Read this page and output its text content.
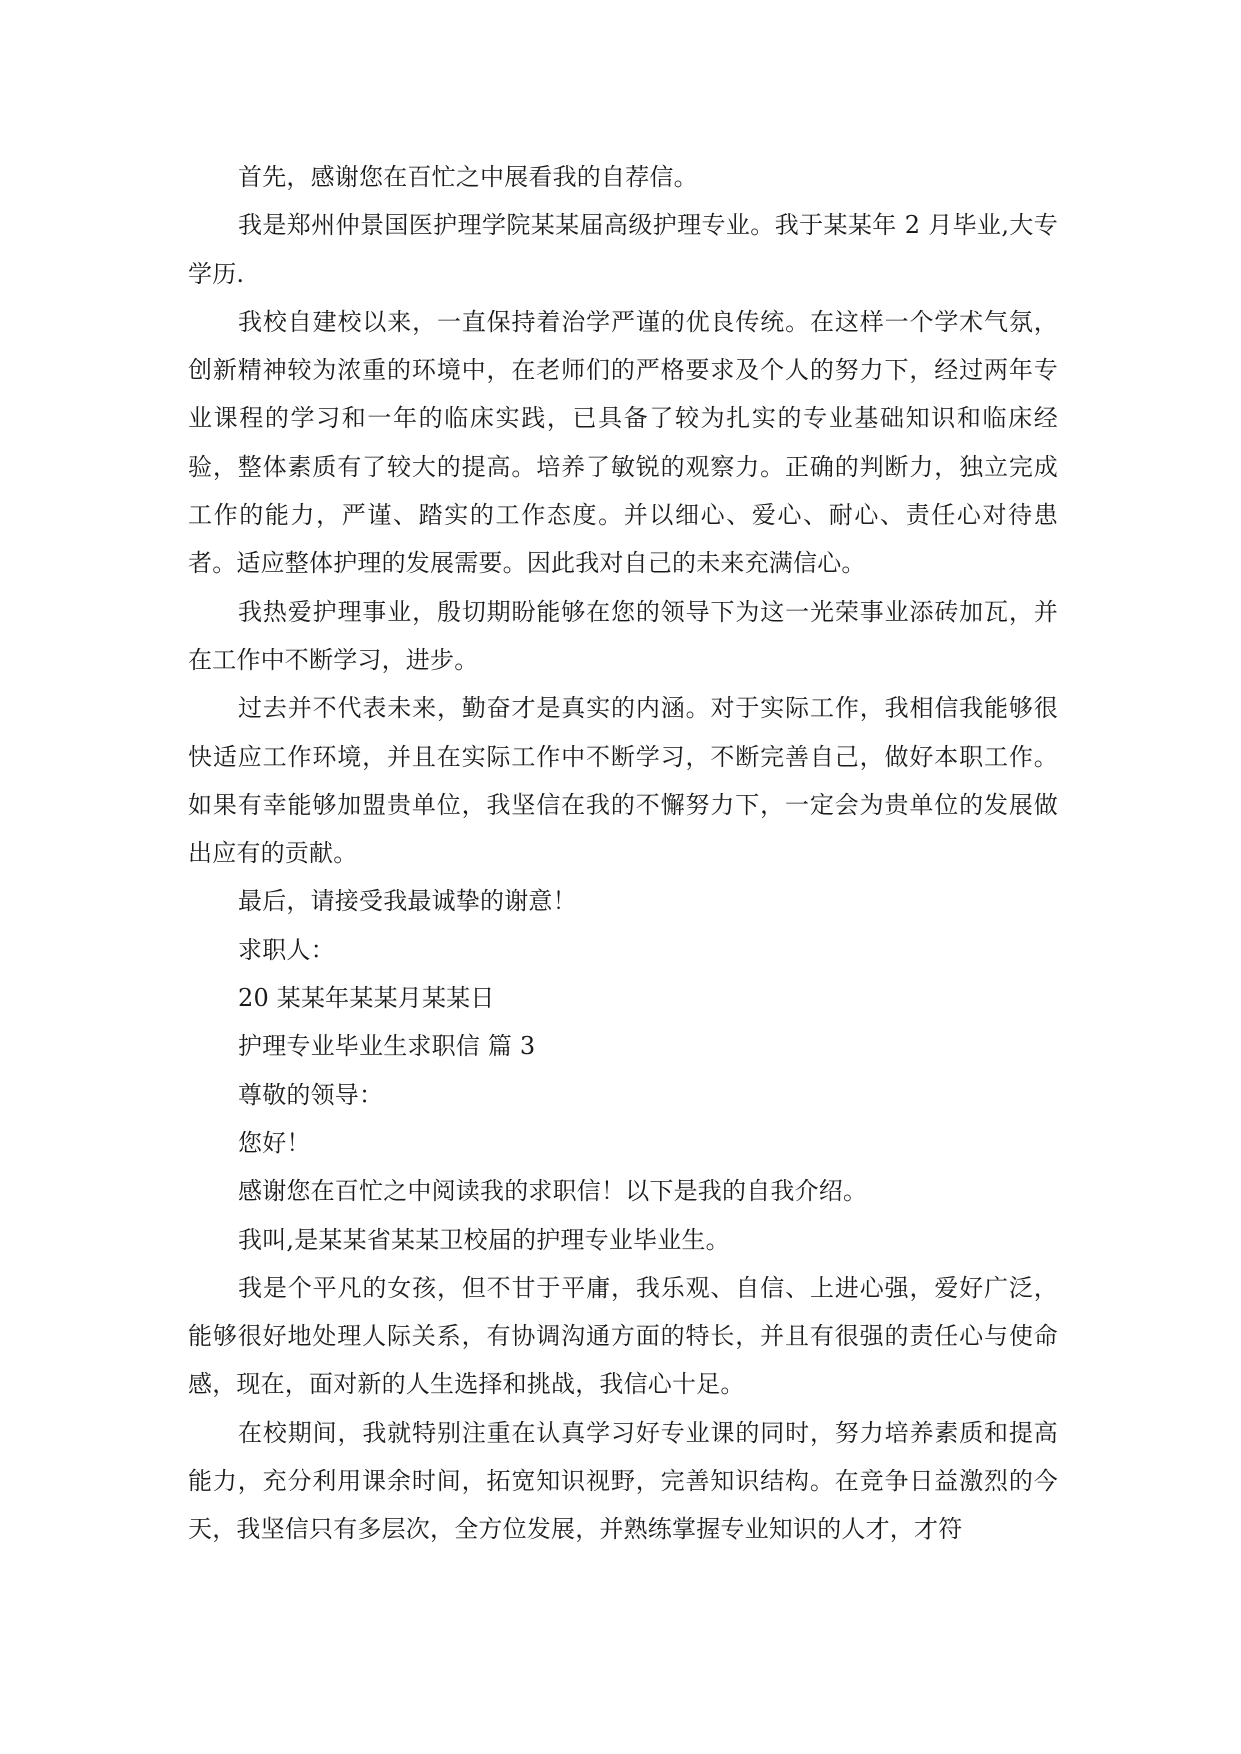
首先，感谢您在百忙之中展看我的自荐信。

我是郑州仲景国医护理学院某某届高级护理专业。我于某某年 2 月毕业,大专学历.

我校自建校以来，一直保持着治学严谨的优良传统。在这样一个学术气氛，创新精神较为浓重的环境中，在老师们的严格要求及个人的努力下，经过两年专业课程的学习和一年的临床实践，已具备了较为扎实的专业基础知识和临床经验，整体素质有了较大的提高。培养了敏锐的观察力。正确的判断力，独立完成工作的能力，严谨、踏实的工作态度。并以细心、爱心、耐心、责任心对待患者。适应整体护理的发展需要。因此我对自己的未来充满信心。

我热爱护理事业，殷切期盼能够在您的领导下为这一光荣事业添砖加瓦，并在工作中不断学习，进步。

过去并不代表未来，勤奋才是真实的内涵。对于实际工作，我相信我能够很快适应工作环境，并且在实际工作中不断学习，不断完善自己，做好本职工作。如果有幸能够加盟贵单位，我坚信在我的不懈努力下，一定会为贵单位的发展做出应有的贡献。

最后，请接受我最诚挚的谢意！

求职人：

20 某某年某某月某某日

护理专业毕业生求职信 篇 3

尊敬的领导：

您好！

感谢您在百忙之中阅读我的求职信！以下是我的自我介绍。

我叫,是某某省某某卫校届的护理专业毕业生。

我是个平凡的女孩，但不甘于平庸，我乐观、自信、上进心强，爱好广泛，能够很好地处理人际关系，有协调沟通方面的特长，并且有很强的责任心与使命感，现在，面对新的人生选择和挑战，我信心十足。

在校期间，我就特别注重在认真学习好专业课的同时，努力培养素质和提高能力，充分利用课余时间，拓宽知识视野，完善知识结构。在竞争日益激烈的今天，我坚信只有多层次，全方位发展，并熟练掌握专业知识的人才，才符
